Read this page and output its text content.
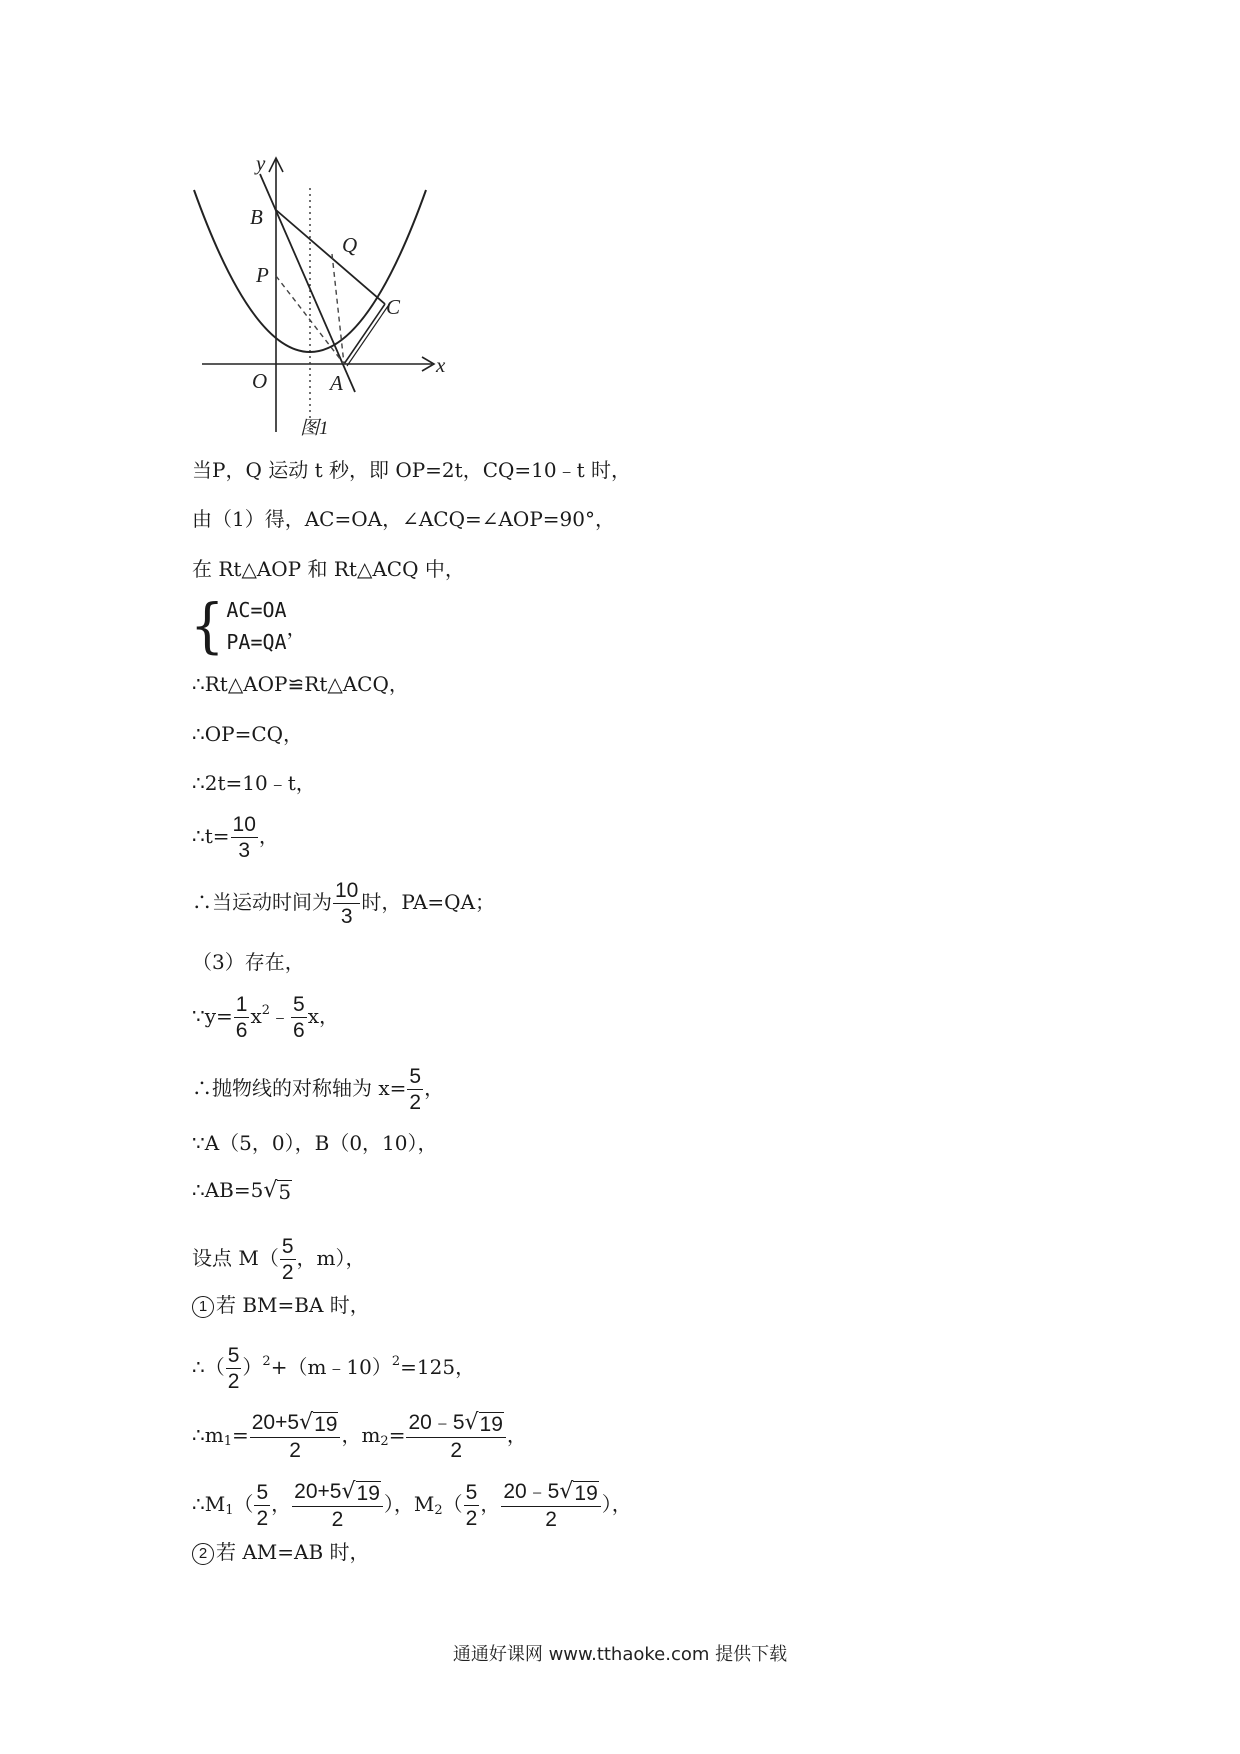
y
x
B
Q
P
C
O	A
图1
当P，Q 运动 t 秒，即 OP=2t，CQ=10﹣t 时，
由（1）得，AC=OA，∠ACQ=∠AOP=90°，
在 Rt△AOP 和 Rt△ACQ 中，
{ AC=OA
PA=QA
，
∴Rt△AOP≌Rt△ACQ，
∴OP=CQ，
∴2t=10﹣t，
∴t= $\frac{10}{3}$ ，
∴当运动时间为 $\frac{10}{3}$ 时，PA=QA；
（3）存在，
∵y= $\frac{1}{6}$ $x^2﹣ \frac{5}{6}$ x，
∴抛物线的对称轴为 $x= \frac{5}{2}$ ，
∵A（5，0），B（0，10），
∴AB=5 √ 5
设点 $M( \frac{5}{2}$ ，m），
1 若 BM=BA 时，
∴（ $\frac{5}{2}$ ）$^2$+（m﹣10）$^2$=125，
$\therefore m_1= \frac{20+5 √ 19}{2}$ ，$m_2= \frac{20﹣5 √ 19}{2}$ ，
$\therefore M_1( \frac{5}{2}$ ， $\frac{20+5 √ 19}{2}$ ），$M_2( \frac{5}{2}$ ， $\frac{20﹣5 √ 19}{2}$ ），
2 若 AM=AB 时，
通通好课网 www.tthaoke.com 提供下载
